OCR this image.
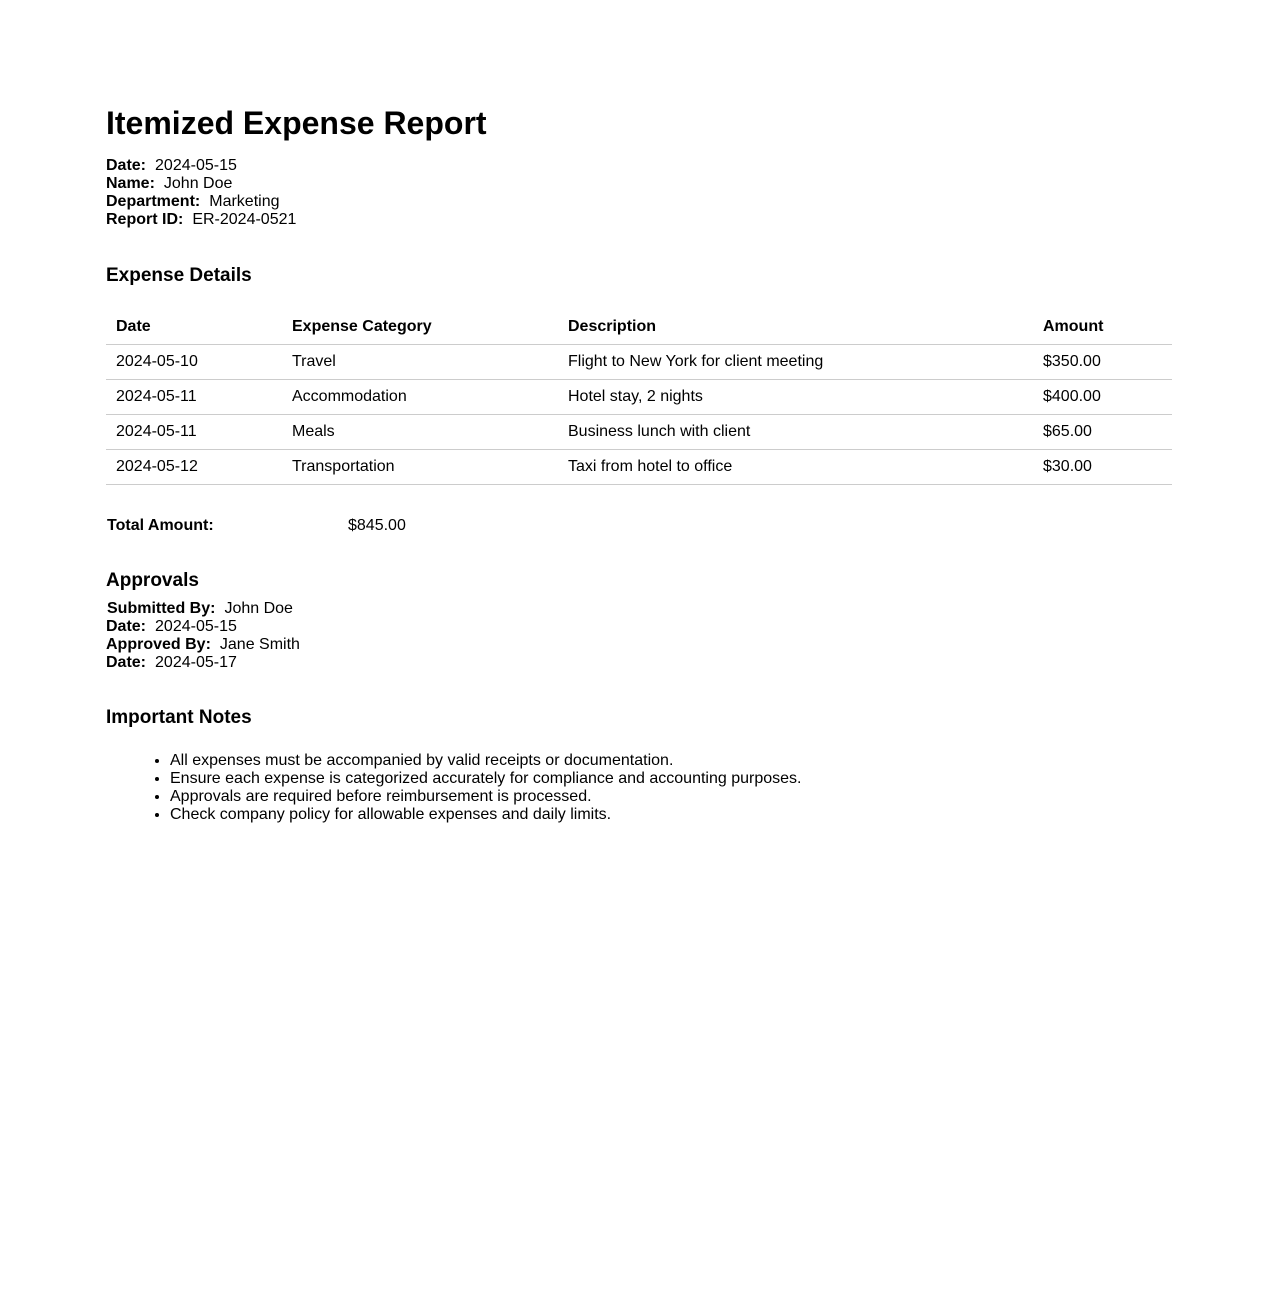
Itemized Expense Report
Date: 2024-05-15
Name: John Doe
Department: Marketing
Report ID: ER-2024-0521
Expense Details
Date	Expense Category	Description	Amount
2024-05-10	Travel	Flight to New York for client meeting	$350.00
2024-05-11	Accommodation	Hotel stay, 2 nights	$400.00
2024-05-11	Meals	Business lunch with client	$65.00
2024-05-12	Transportation	Taxi from hotel to office	$30.00
Total Amount:	$845.00
Approvals
Submitted By: John Doe
Date: 2024-05-15
Approved By: Jane Smith
Date: 2024-05-17
Important Notes
• All expenses must be accompanied by valid receipts or documentation.
• Ensure each expense is categorized accurately for compliance and accounting purposes.
• Approvals are required before reimbursement is processed.
• Check company policy for allowable expenses and daily limits.
